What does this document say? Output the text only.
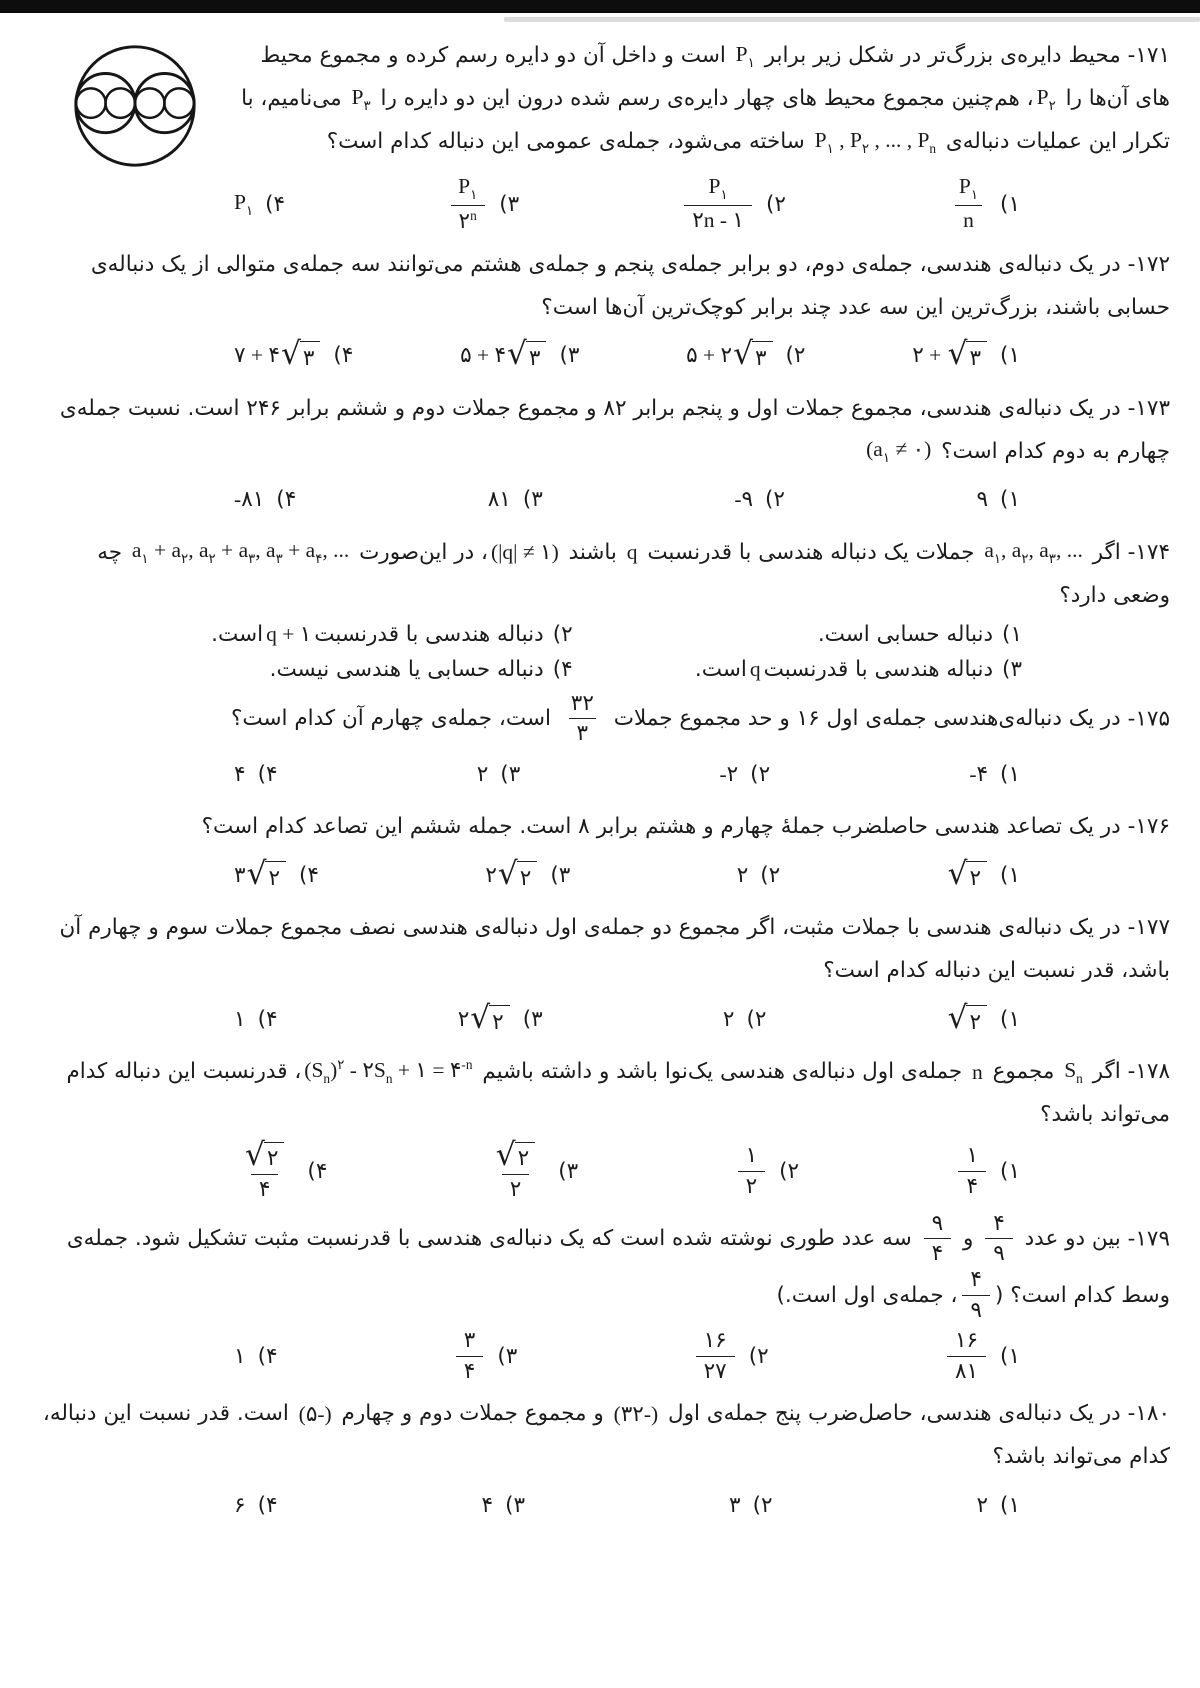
۱۷۱- محیط دایره‌ی بزرگ‌تر در شکل زیر برابر $P_۱$ است و داخل آن دو دایره رسم کرده و مجموع محیط های آن‌ها را $P_۲،$ هم‌چنین مجموع محیط های چهار دایره‌ی رسم شده درون این دو دایره را $P_۳$ می‌نامیم، با تکرار این عملیات دنباله‌ی $P_۱$ , $P_۲$ , ... , $P_n$ ساخته می‌شود، جمله‌ی عمومی این دنباله کدام است؟

۱)
$\frac{P_۱}{n}$
۲)
$\frac{P_۱}{۲n - ۱}$
۳)
$\frac{P_۱}{۲^n}$
۴)
$P_۱$

۱۷۲- در یک دنباله‌ی هندسی، جمله‌ی دوم، دو برابر جمله‌ی پنجم و جمله‌ی هشتم می‌توانند سه جمله‌ی متوالی از یک دنباله‌ی حسابی باشند، بزرگ‌ترین این سه عدد چند برابر کوچک‌ترین آن‌ها است؟

۱)
۲ + √ ۳
۲)
۵ + ۲ √ ۳
۳)
۵ + ۴ √ ۳
۴)
۷ + ۴ √ ۳

۱۷۳- در یک دنباله‌ی هندسی، مجموع جملات اول و پنجم برابر ۸۲ و مجموع جملات دوم و ششم برابر ۲۴۶ است. نسبت جمله‌ی چهارم به دوم کدام است؟ ($a_۱$ ≠ ۰)

۱)
۹
۲)
-۹
۳)
۸۱
۴)
-۸۱

۱۷۴- اگر $a_۱$, $a_۲$, $a_۳$, ... جملات یک دنباله هندسی با قدرنسبت q باشند (|q| ≠ ۱)، در این‌صورت $a_۱ + a_۲$, $a_۲ + a_۳$, $a_۳ + a_۴$, ... چه وضعی دارد؟

۱)
دنباله حسابی است.
۲)
دنباله هندسی با قدرنسبت
q + ۱
است.
۳)
دنباله هندسی با قدرنسبت
q
است.
۴)
دنباله حسابی یا هندسی نیست.

۱۷۵- در یک دنباله‌ی‌هندسی جمله‌ی اول ۱۶ و حد مجموع جملات
$\frac{۳۲}{۳}$
است، جمله‌ی چهارم آن کدام است؟

۱)
-۴
۲)
-۲
۳)
۲
۴)
۴

۱۷۶- در یک تصاعد هندسی حاصلضرب جملهٔ چهارم و هشتم برابر ۸ است. جمله ششم این تصاعد کدام است؟

۱)
√ ۲
۲)
۲
۳)
۲ √ ۲
۴)
۳ √ ۲

۱۷۷- در یک دنباله‌ی هندسی با جملات مثبت، اگر مجموع دو جمله‌ی اول دنباله‌ی هندسی نصف مجموع جملات سوم و چهارم آن باشد، قدر نسبت این دنباله کدام است؟

۱)
√ ۲
۲)
۲
۳)
۲ √ ۲
۴)
۱

۱۷۸- اگر $S_n$ مجموع n جمله‌ی اول دنباله‌ی هندسی یک‌نوا باشد و داشته باشیم $(S_n)^۲$ - $۲S_n$ + ۱ = $۴^{-n}،$ قدرنسبت این دنباله کدام می‌تواند باشد؟

۱)
$\frac{۱}{۴}$
۲)
$\frac{۱}{۲}$
۳)
$\frac{√ ۲}{۲}$
۴)
$\frac{√ ۲}{۴}$

۱۷۹- بین دو عدد
$\frac{۴}{۹}$
و
$\frac{۹}{۴}$
سه عدد طوری نوشته شده است که یک دنباله‌ی هندسی با قدرنسبت مثبت تشکیل شود. جمله‌ی وسط کدام است؟ (
$\frac{۴}{۹}$
، جمله‌ی اول است.)

۱)
$\frac{۱۶}{۸۱}$
۲)
$\frac{۱۶}{۲۷}$
۳)
$\frac{۳}{۴}$
۴)
۱

۱۸۰- در یک دنباله‌ی هندسی، حاصل‌ضرب پنج جمله‌ی اول (۳۲-) و مجموع جملات دوم و چهارم (۵-) است. قدر نسبت این دنباله، کدام می‌تواند باشد؟

۱)
۲
۲)
۳
۳)
۴
۴)
۶
